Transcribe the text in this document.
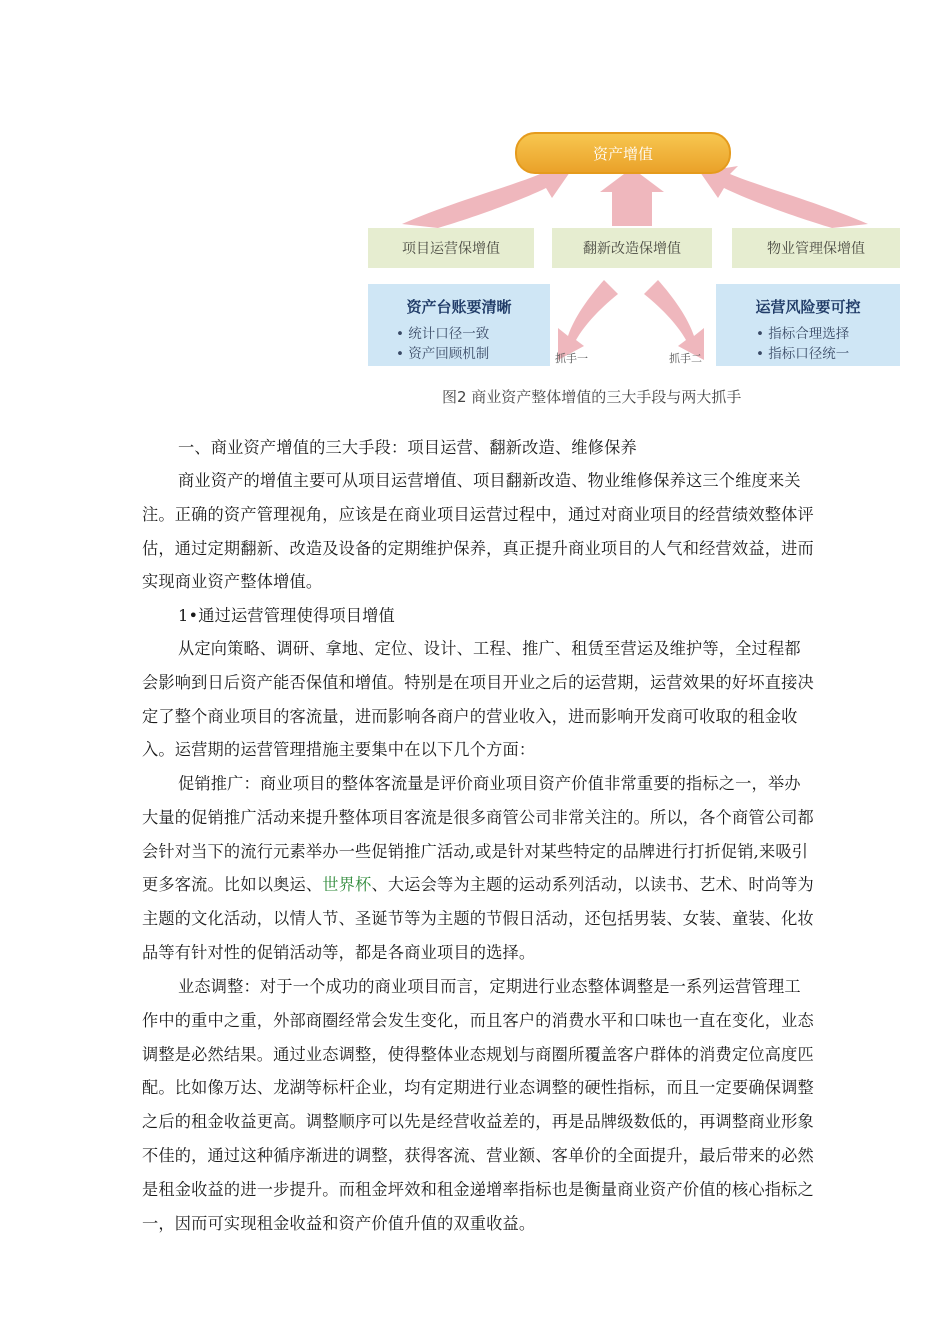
资产增值
项目运营保增值	翻新改造保增值	物业管理保增值
资产台账要清晰
• 统计口径一致
• 资产回顾机制
运营风险要可控
• 指标合理选择
• 指标口径统一
抓手一	抓手二
图2 商业资产整体增值的三大手段与两大抓手
一、商业资产增值的三大手段：项目运营、翻新改造、维修保养
商业资产的增值主要可从项目运营增值、项目翻新改造、物业维修保养这三个维度来关注。正确的资产管理视角，应该是在商业项目运营过程中，通过对商业项目的经营绩效整体评估，通过定期翻新、改造及设备的定期维护保养，真正提升商业项目的人气和经营效益，进而实现商业资产整体增值。
1•通过运营管理使得项目增值
从定向策略、调研、拿地、定位、设计、工程、推广、租赁至营运及维护等，全过程都会影响到日后资产能否保值和增值。特别是在项目开业之后的运营期，运营效果的好坏直接决定了整个商业项目的客流量，进而影响各商户的营业收入，进而影响开发商可收取的租金收入。运营期的运营管理措施主要集中在以下几个方面：
促销推广：商业项目的整体客流量是评价商业项目资产价值非常重要的指标之一，举办大量的促销推广活动来提升整体项目客流是很多商管公司非常关注的。所以，各个商管公司都会针对当下的流行元素举办一些促销推广活动,或是针对某些特定的品牌进行打折促销,来吸引更多客流。比如以奥运、世界杯、大运会等为主题的运动系列活动，以读书、艺术、时尚等为主题的文化活动，以情人节、圣诞节等为主题的节假日活动，还包括男装、女装、童装、化妆品等有针对性的促销活动等，都是各商业项目的选择。
业态调整：对于一个成功的商业项目而言，定期进行业态整体调整是一系列运营管理工作中的重中之重，外部商圈经常会发生变化，而且客户的消费水平和口味也一直在变化，业态调整是必然结果。通过业态调整，使得整体业态规划与商圈所覆盖客户群体的消费定位高度匹配。比如像万达、龙湖等标杆企业，均有定期进行业态调整的硬性指标，而且一定要确保调整之后的租金收益更高。调整顺序可以先是经营收益差的，再是品牌级数低的，再调整商业形象不佳的，通过这种循序渐进的调整，获得客流、营业额、客单价的全面提升，最后带来的必然是租金收益的进一步提升。而租金坪效和租金递增率指标也是衡量商业资产价值的核心指标之一，因而可实现租金收益和资产价值升值的双重收益。
